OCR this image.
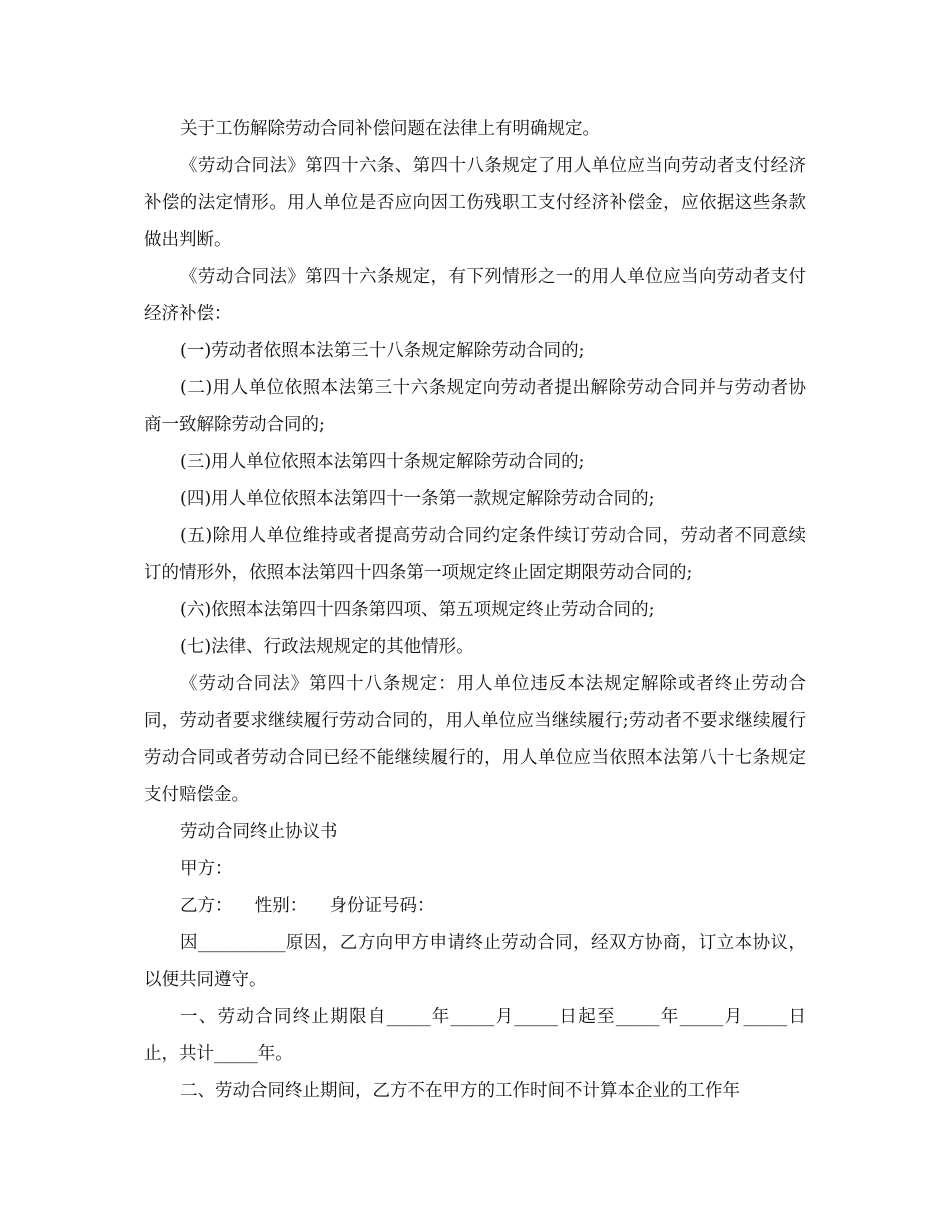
关于工伤解除劳动合同补偿问题在法律上有明确规定。

《劳动合同法》第四十六条、第四十八条规定了用人单位应当向劳动者支付经济补偿的法定情形。用人单位是否应向因工伤残职工支付经济补偿金，应依据这些条款做出判断。

《劳动合同法》第四十六条规定，有下列情形之一的用人单位应当向劳动者支付经济补偿：

(一)劳动者依照本法第三十八条规定解除劳动合同的;

(二)用人单位依照本法第三十六条规定向劳动者提出解除劳动合同并与劳动者协商一致解除劳动合同的;

(三)用人单位依照本法第四十条规定解除劳动合同的;

(四)用人单位依照本法第四十一条第一款规定解除劳动合同的;

(五)除用人单位维持或者提高劳动合同约定条件续订劳动合同，劳动者不同意续订的情形外，依照本法第四十四条第一项规定终止固定期限劳动合同的;

(六)依照本法第四十四条第四项、第五项规定终止劳动合同的;

(七)法律、行政法规规定的其他情形。

《劳动合同法》第四十八条规定：用人单位违反本法规定解除或者终止劳动合同，劳动者要求继续履行劳动合同的，用人单位应当继续履行;劳动者不要求继续履行劳动合同或者劳动合同已经不能继续履行的，用人单位应当依照本法第八十七条规定支付赔偿金。

劳动合同终止协议书

甲方：

乙方：    性别：    身份证号码：

因__________原因，乙方向甲方申请终止劳动合同，经双方协商，订立本协议，以便共同遵守。

一、劳动合同终止期限自_____年_____月_____日起至_____年_____月_____日止，共计_____年。

二、劳动合同终止期间，乙方不在甲方的工作时间不计算本企业的工作年
